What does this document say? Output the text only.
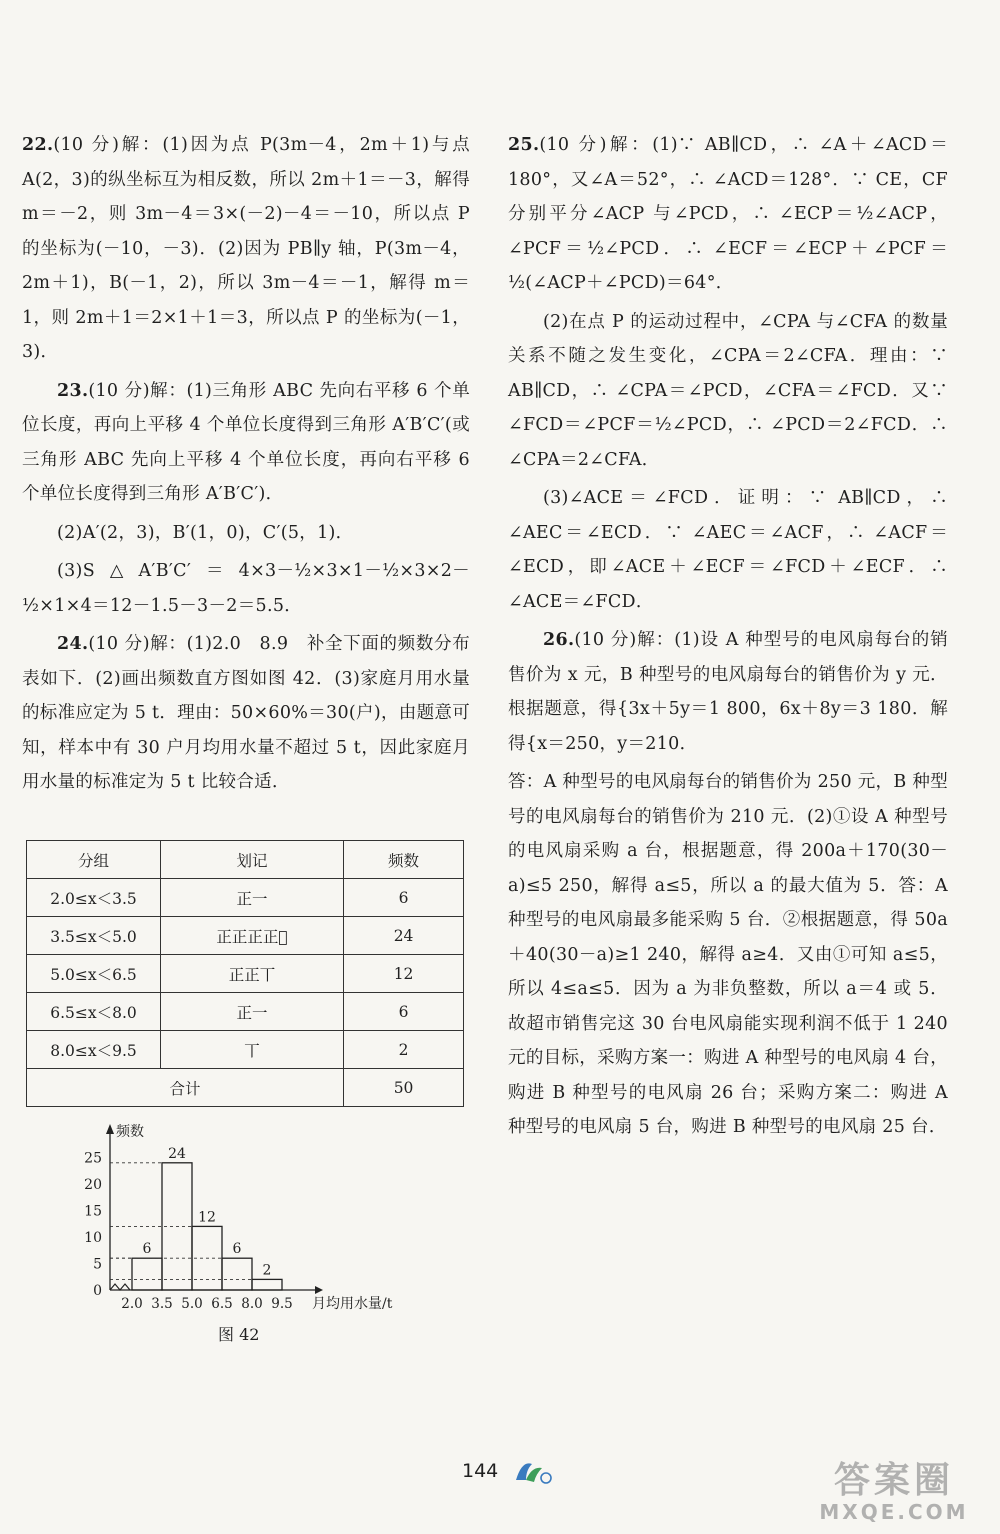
22.(10 分)解：(1)因为点 P(3m－4，2m＋1)与点 A(2，3)的纵坐标互为相反数，所以 2m＋1＝－3，解得 m＝－2，则 3m－4＝3×(－2)－4＝－10，所以点 P 的坐标为(－10，－3)．(2)因为 PB∥y 轴，P(3m－4，2m＋1)，B(－1，2)，所以 3m－4＝－1，解得 m＝1，则 2m＋1＝2×1＋1＝3，所以点 P 的坐标为(－1，3)．

23.(10 分)解：(1)三角形 ABC 先向右平移 6 个单位长度，再向上平移 4 个单位长度得到三角形 A′B′C′(或三角形 ABC 先向上平移 4 个单位长度，再向右平移 6 个单位长度得到三角形 A′B′C′)．

(2)A′(2，3)，B′(1，0)，C′(5，1)．

(3)S△A′B′C′＝4×3－½×3×1－½×3×2－½×1×4＝12－1.5－3－2＝5.5．

24.(10 分)解：(1)2.0　8.9　补全下面的频数分布表如下．(2)画出频数直方图如图 42．(3)家庭月用水量的标准应定为 5 t．理由：50×60%＝30(户)，由题意可知，样本中有 30 户月均用水量不超过 5 t，因此家庭月用水量的标准定为 5 t 比较合适．

分组	划记	频数
2.0≤x＜3.5	正一	6
3.5≤x＜5.0	正正正正𠀆	24
5.0≤x＜6.5	正正丅	12
6.5≤x＜8.0	正一	6
8.0≤x＜9.5	丅	2
合计		50
0
5
10
15
20
25
频数
6
24
12
6
2
2.0 3.5 5.0 6.5 8.0 9.5 月均用水量/t
图 42

25.(10 分)解：(1)∵ AB∥CD，∴ ∠A＋∠ACD＝180°，又∠A＝52°，∴ ∠ACD＝128°．∵ CE，CF 分别平分∠ACP 与∠PCD，∴ ∠ECP＝½∠ACP，∠PCF＝½∠PCD．∴ ∠ECF＝∠ECP＋∠PCF＝½(∠ACP＋∠PCD)＝64°．

(2)在点 P 的运动过程中，∠CPA 与∠CFA 的数量关系不随之发生变化，∠CPA＝2∠CFA．理由：∵ AB∥CD，∴ ∠CPA＝∠PCD，∠CFA＝∠FCD．又∵ ∠FCD＝∠PCF＝½∠PCD，∴ ∠PCD＝2∠FCD．∴ ∠CPA＝2∠CFA．

(3)∠ACE＝∠FCD．证明：∵ AB∥CD，∴ ∠AEC＝∠ECD．∵ ∠AEC＝∠ACF，∴ ∠ACF＝∠ECD，即∠ACE＋∠ECF＝∠FCD＋∠ECF．∴ ∠ACE＝∠FCD．

26.(10 分)解：(1)设 A 种型号的电风扇每台的销售价为 x 元，B 种型号的电风扇每台的销售价为 y 元．根据题意，得{3x＋5y＝1 800，6x＋8y＝3 180．解得{x＝250，y＝210．

答：A 种型号的电风扇每台的销售价为 250 元，B 种型号的电风扇每台的销售价为 210 元．(2)①设 A 种型号的电风扇采购 a 台，根据题意，得 200a＋170(30－a)≤5 250，解得 a≤5，所以 a 的最大值为 5．答：A 种型号的电风扇最多能采购 5 台．②根据题意，得 50a＋40(30－a)≥1 240，解得 a≥4．又由①可知 a≤5，所以 4≤a≤5．因为 a 为非负整数，所以 a＝4 或 5．故超市销售完这 30 台电风扇能实现利润不低于 1 240 元的目标，采购方案一：购进 A 种型号的电风扇 4 台，购进 B 种型号的电风扇 26 台；采购方案二：购进 A 种型号的电风扇 5 台，购进 B 种型号的电风扇 25 台．

144	答案圈
MXQE.COM
